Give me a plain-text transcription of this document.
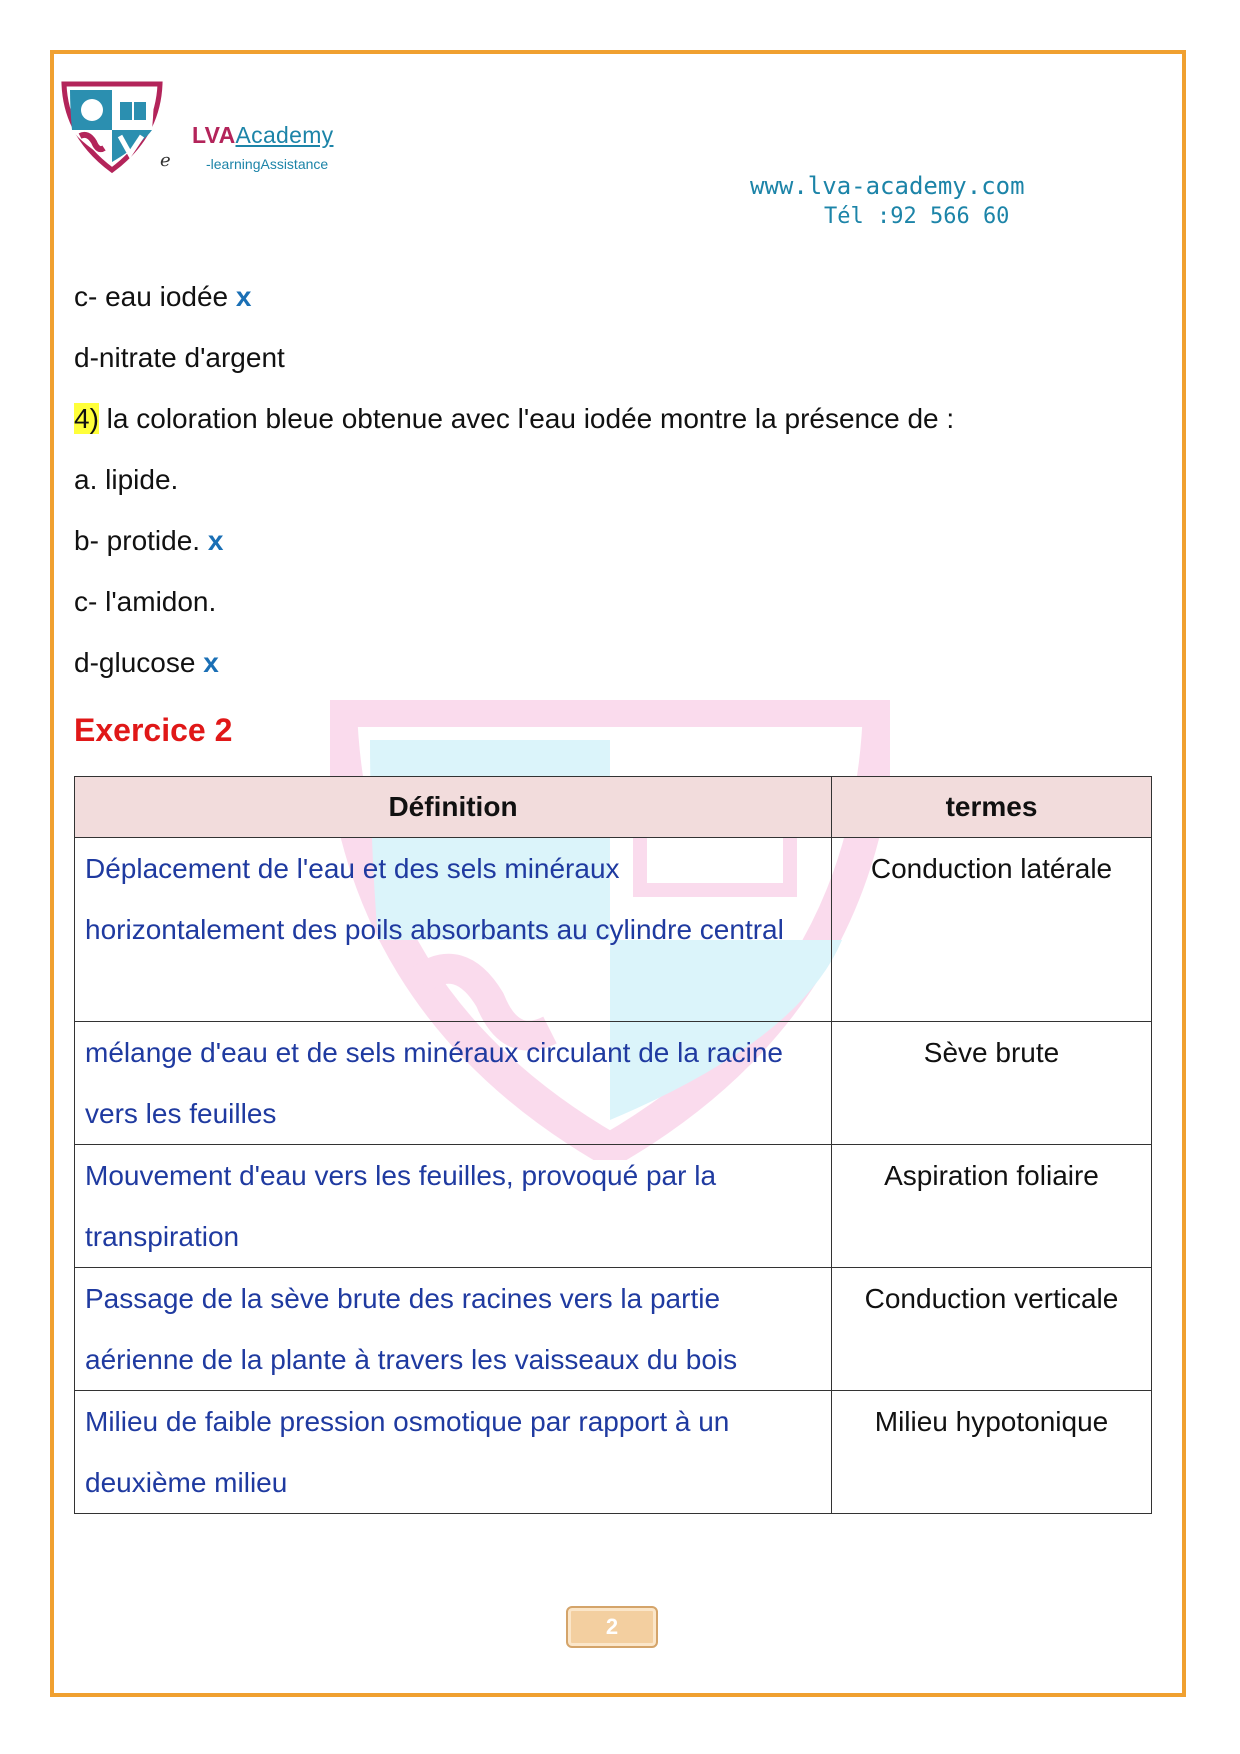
e
LVAAcademy
-learningAssistance
www.lva-academy.com
Tél :92 566 60
c- eau iodée x
d-nitrate d'argent
4) la coloration bleue obtenue avec l'eau iodée montre la présence de :
a. lipide.
b- protide. x
c- l'amidon.
d-glucose x
Exercice 2
Définition	termes
Déplacement de l'eau et des sels minéraux horizontalement des poils absorbants au cylindre central	Conduction latérale
mélange d'eau et de sels minéraux circulant de la racine vers les feuilles	Sève brute
Mouvement d'eau vers les feuilles, provoqué par la transpiration	Aspiration foliaire
Passage de la sève brute des racines vers la partie aérienne de la plante à travers les vaisseaux du bois	Conduction verticale
Milieu de faible pression osmotique par rapport à un deuxième milieu	Milieu hypotonique
2
